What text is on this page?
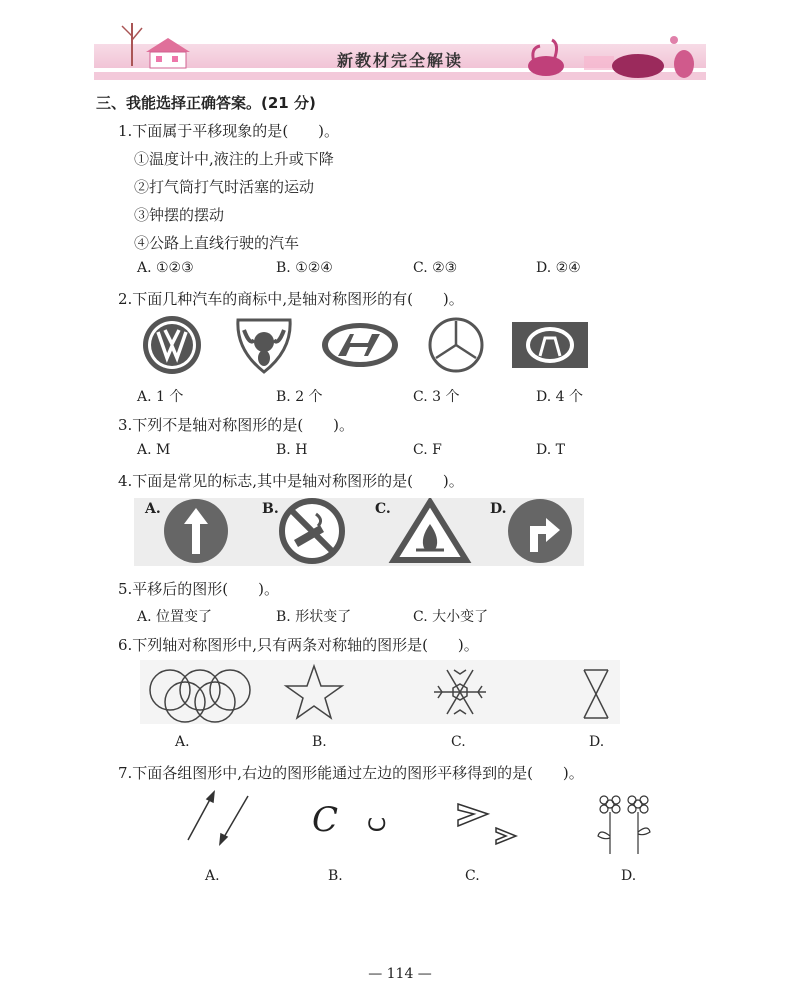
新教材完全解读
三、我能选择正确答案。(21 分)
1.下面属于平移现象的是(　　)。
①温度计中,液注的上升或下降
②打气筒打气时活塞的运动
③钟摆的摆动
④公路上直线行驶的汽车
A. ①②③	B. ①②④	C. ②③	D. ②④
2.下面几种汽车的商标中,是轴对称图形的有(　　)。
A. 1 个	B. 2 个	C. 3 个	D. 4 个
3.下列不是轴对称图形的是(　　)。
A. M	B. H	C. F	D. T
4.下面是常见的标志,其中是轴对称图形的是(　　)。
A.	B.	C.	D.
5.平移后的图形(　　)。
A. 位置变了	B. 形状变了	C. 大小变了
6.下列轴对称图形中,只有两条对称轴的图形是(　　)。
A.	B.	C.	D.
7.下面各组图形中,右边的图形能通过左边的图形平移得到的是(　　)。
C C
A.	B.	C.	D.
— 114 —
